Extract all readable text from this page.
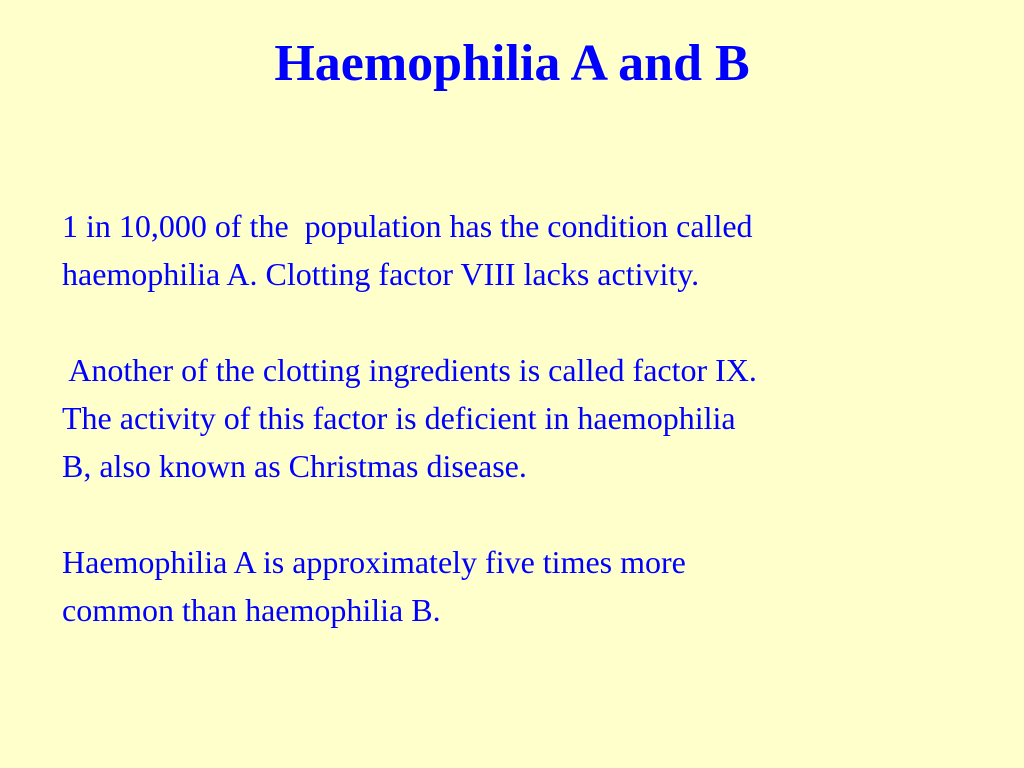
Haemophilia A and B

1 in 10,000 of the  population has the condition called
haemophilia A. Clotting factor VIII lacks activity.

Another of the clotting ingredients is called factor IX.
The activity of this factor is deficient in haemophilia
B, also known as Christmas disease.

Haemophilia A is approximately five times more
common than haemophilia B.
